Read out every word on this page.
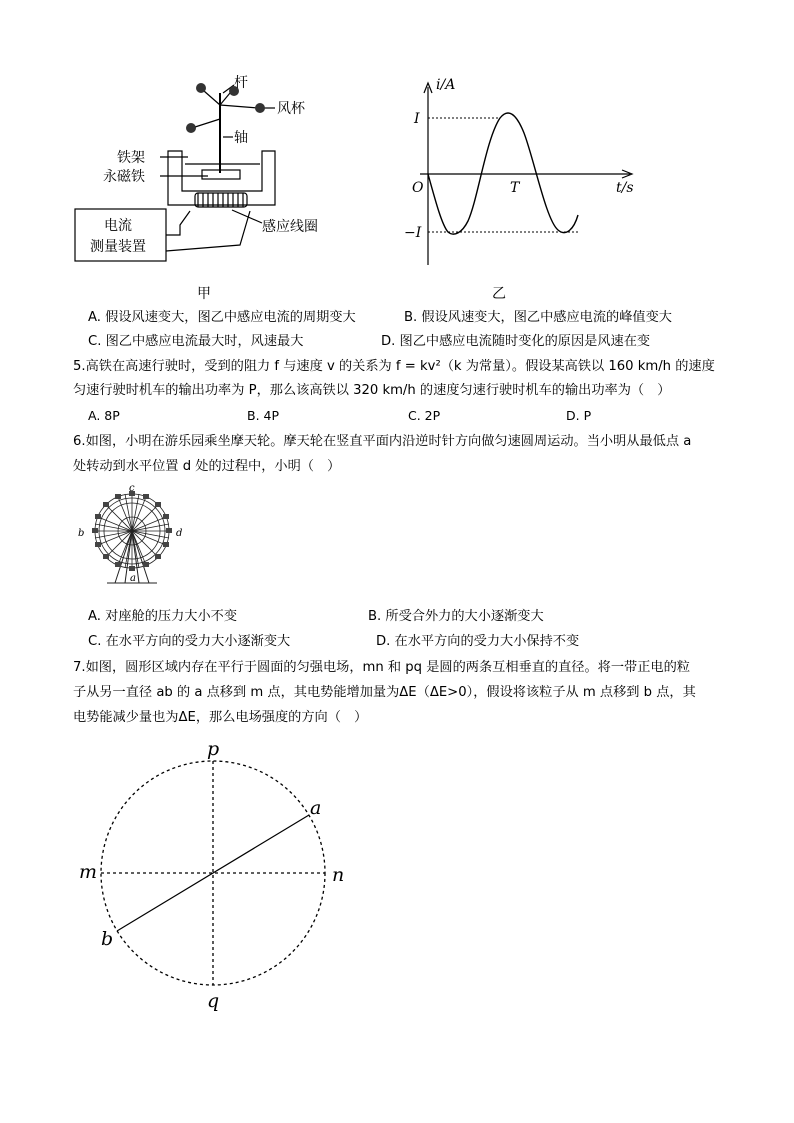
杆
风杯
轴
铁架
永磁铁
电流
测量装置
感应线圈
i/A
t/s
I
−I
O	T
甲	乙
A. 假设风速变大，图乙中感应电流的周期变大	B. 假设风速变大，图乙中感应电流的峰值变大
C. 图乙中感应电流最大时，风速最大	D. 图乙中感应电流随时变化的原因是风速在变
5.高铁在高速行驶时，受到的阻力 f 与速度 v 的关系为 f = kv²（k 为常量）。假设某高铁以 160 km/h 的速度
匀速行驶时机车的输出功率为 P，那么该高铁以 320 km/h 的速度匀速行驶时机车的输出功率为（　）
A. 8P	B. 4P	C. 2P	D. P
6.如图，小明在游乐园乘坐摩天轮。摩天轮在竖直平面内沿逆时针方向做匀速圆周运动。当小明从最低点 a
处转动到水平位置 d 处的过程中，小明（　）
c
b	d
a
A. 对座舱的压力大小不变	B. 所受合外力的大小逐渐变大
C. 在水平方向的受力大小逐渐变大	D. 在水平方向的受力大小保持不变
7.如图，圆形区域内存在平行于圆面的匀强电场，mn 和 pq 是圆的两条互相垂直的直径。将一带正电的粒
子从另一直径 ab 的 a 点移到 m 点，其电势能增加量为ΔE（ΔE>0），假设将该粒子从 m 点移到 b 点，其
电势能减少量也为ΔE，那么电场强度的方向（　）
p
q
m	n
a
b
